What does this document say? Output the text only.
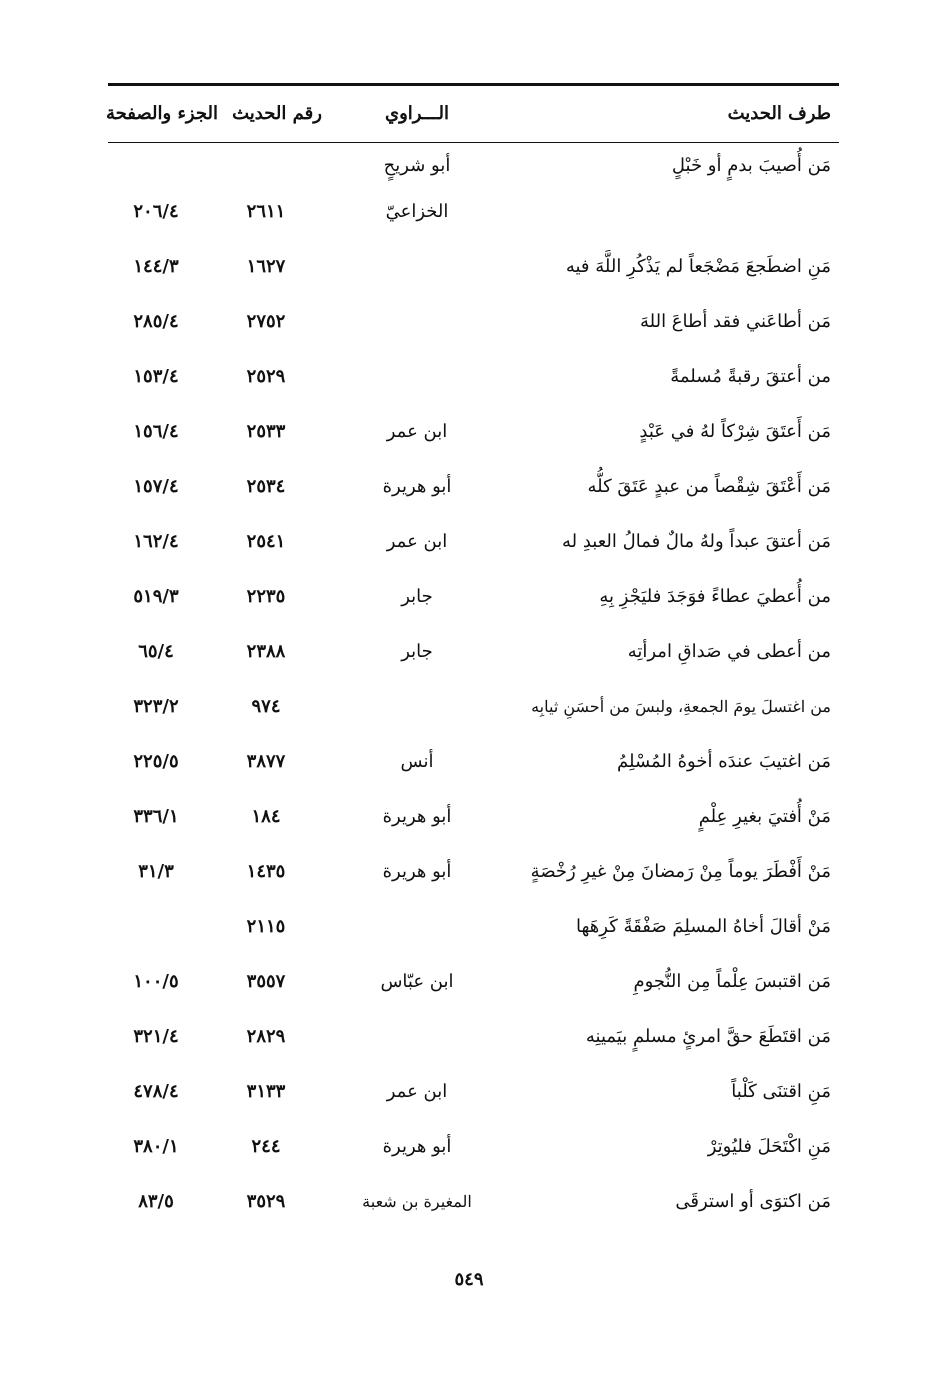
طرف الحديث
الـــراوي
رقم الحديث
الجزء والصفحة
مَن أُصيبَ بدمٍ أو خَبْلٍ
أبو شريحٍ
الخزاعيّ
٢٦١١
٢٠٦/٤
مَنِ اضطَجعَ مَضْجَعاً لم يَذْكُرِ اللَّهَ فيه
١٦٢٧
١٤٤/٣
مَن أطاعَني فقد أطاعَ اللهَ
٢٧٥٢
٢٨٥/٤
من أعتقَ رقبةً مُسلمةً
٢٥٢٩
١٥٣/٤
مَن أَعتَقَ شِرْكاً لهُ في عَبْدٍ
ابن عمر
٢٥٣٣
١٥٦/٤
مَن أَعْتَقَ شِقْصاً من عبدٍ عَتَقَ كلُّه
أبو هريرة
٢٥٣٤
١٥٧/٤
مَن أعتقَ عبداً ولهُ مالٌ فمالُ العبدِ له
ابن عمر
٢٥٤١
١٦٢/٤
من أُعطيَ عطاءً فوَجَدَ فليَجْزِ بِهِ
جابر
٢٢٣٥
٥١٩/٣
من أعطى في صَداقِ امرأتِه
جابر
٢٣٨٨
٦٥/٤
من اغتسلَ يومَ الجمعةِ، ولبسَ من أحسَنِ ثيابِه
٩٧٤
٣٢٣/٢
مَن اغتيبَ عندَه أخوهُ المُسْلِمُ
أنس
٣٨٧٧
٢٢٥/٥
مَنْ أُفتيَ بغيرِ عِلْمٍ
أبو هريرة
١٨٤
٣٣٦/١
مَنْ أَفْطَرَ يوماً مِنْ رَمضانَ مِنْ غيرِ رُخْصَةٍ
أبو هريرة
١٤٣٥
٣١/٣
مَنْ أقالَ أخاهُ المسلِمَ صَفْقَةً كَرِهَها
٢١١٥
مَن اقتبسَ عِلْماً مِن النُّجومِ
ابن عبّاس
٣٥٥٧
١٠٠/٥
مَن اقتَطَعَ حقَّ امرئٍ مسلمٍ بيَمينِه
٢٨٢٩
٣٢١/٤
مَنِ اقتنَى كَلْباً
ابن عمر
٣١٣٣
٤٧٨/٤
مَنِ اكْتَحَلَ فليُوتِرْ
أبو هريرة
٢٤٤
٣٨٠/١
مَن اكتوَى أو استرقَى
المغيرة بن شعبة
٣٥٢٩
٨٣/٥
٥٤٩
